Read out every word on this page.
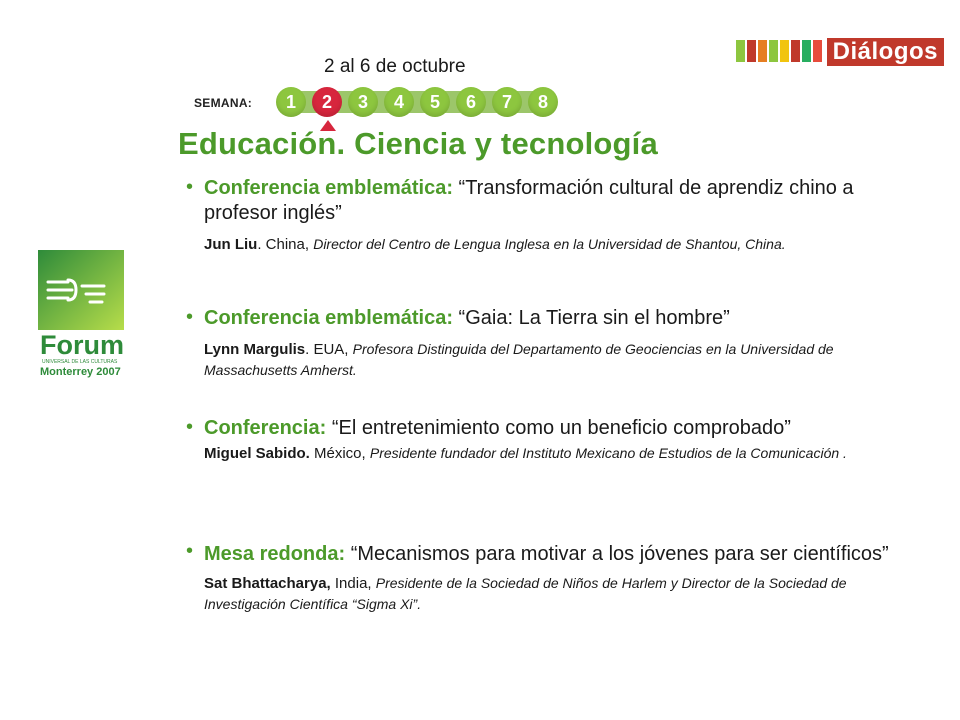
2 al 6 de octubre
SEMANA:	1	2	3	4	5	6	7	8
Diálogos
Educación. Ciencia y tecnología
Forum
UNIVERSAL DE LAS CULTURAS
Monterrey 2007
• Conferencia emblemática: “Transformación cultural de aprendiz chino a profesor inglés”
Jun Liu. China, Director del Centro de Lengua Inglesa en la Universidad de Shantou, China.
• Conferencia emblemática: “Gaia: La Tierra sin el hombre”
Lynn Margulis. EUA, Profesora Distinguida del Departamento de Geociencias en la Universidad de Massachusetts Amherst.
• Conferencia: “El entretenimiento como un beneficio comprobado”
Miguel Sabido. México, Presidente fundador del Instituto Mexicano de Estudios de la Comunicación .
• Mesa redonda: “Mecanismos para motivar a los jóvenes para ser científicos”
Sat Bhattacharya, India, Presidente de la Sociedad de Niños de Harlem y Director de la Sociedad de Investigación Científica “Sigma Xi”.
